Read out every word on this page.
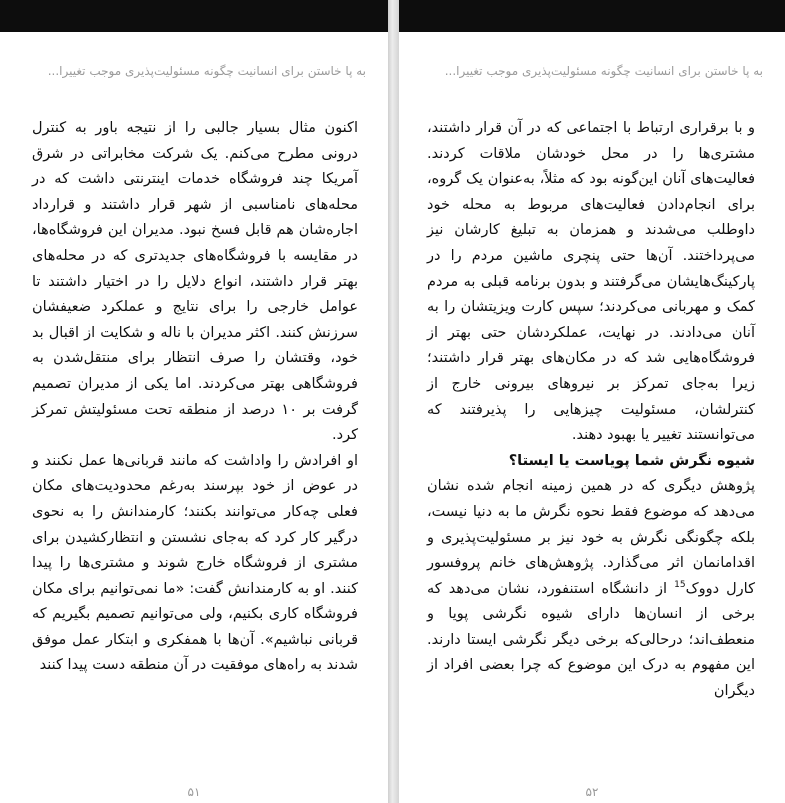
به پا خاستن برای انسانیت چگونه مسئولیت‌پذیری موجب تغییرا...

اکنون مثال بسیار جالبی را از نتیجه باور به کنترل درونی مطرح می‌کنم. یک شرکت مخابراتی در شرق آمریکا چند فروشگاه خدمات اینترنتی داشت که در محله‌های نامناسبی از شهر قرار داشتند و قرارداد اجاره‌شان هم قابل فسخ نبود. مدیران این فروشگاه‌ها، در مقایسه با فروشگاه‌های جدیدتری که در محله‌های بهتر قرار داشتند، انواع دلایل را در اختیار داشتند تا عوامل خارجی را برای نتایج و عملکرد ضعیفشان سرزنش کنند. اکثر مدیران با ناله و شکایت از اقبال بد خود، وقتشان را صرف انتظار برای منتقل‌شدن به فروشگاهی بهتر می‌کردند. اما یکی از مدیران تصمیم گرفت بر ۱۰ درصد از منطقه تحت مسئولیتش تمرکز کرد.

او افرادش را واداشت که مانند قربانی‌ها عمل نکنند و در عوض از خود بپرسند به‌رغم محدودیت‌های مکان فعلی چه‌کار می‌توانند بکنند؛ کارمندانش را به نحوی درگیر کار کرد که به‌جای نشستن و انتظارکشیدن برای مشتری از فروشگاه خارج شوند و مشتری‌ها را پیدا کنند. او به کارمندانش گفت: «ما نمی‌توانیم برای مکان فروشگاه کاری بکنیم، ولی می‌توانیم تصمیم بگیریم که قربانی نباشیم». آن‌ها با همفکری و ابتکار عمل موفق شدند به راه‌های موفقیت در آن منطقه دست پیدا کنند

۵۱
به پا خاستن برای انسانیت چگونه مسئولیت‌پذیری موجب تغییرا...

و با برقراری ارتباط با اجتماعی که در آن قرار داشتند، مشتری‌ها را در محل خودشان ملاقات کردند. فعالیت‌های آنان این‌گونه بود که مثلاً، به‌عنوان یک گروه، برای انجام‌دادن فعالیت‌های مربوط به محله خود داوطلب می‌شدند و همزمان به تبلیغ کارشان نیز می‌پرداختند. آن‌ها حتی پنچری ماشین مردم را در پارکینگ‌هایشان می‌گرفتند و بدون برنامه قبلی به مردم کمک و مهربانی می‌کردند؛ سپس کارت ویزیتشان را به آنان می‌دادند. در نهایت، عملکردشان حتی بهتر از فروشگاه‌هایی شد که در مکان‌های بهتر قرار داشتند؛ زیرا به‌جای تمرکز بر نیروهای بیرونی خارج از کنترلشان، مسئولیت چیزهایی را پذیرفتند که می‌توانستند تغییر یا بهبود دهند.

شیوه نگرش شما پویاست یا ایستا؟

پژوهش دیگری که در همین زمینه انجام شده نشان می‌دهد که موضوع فقط نحوه نگرش ما به دنیا نیست، بلکه چگونگی نگرش به خود نیز بر مسئولیت‌پذیری و اقدامانمان اثر می‌گذارد. پژوهش‌های خانم پروفسور کارل دووک$^{15}$ از دانشگاه استنفورد، نشان می‌دهد که برخی از انسان‌ها دارای شیوه نگرشی پویا و منعطف‌اند؛ درحالی‌که برخی دیگر نگرشی ایستا دارند. این مفهوم به درک این موضوع که چرا بعضی افراد از دیگران

۵۲
